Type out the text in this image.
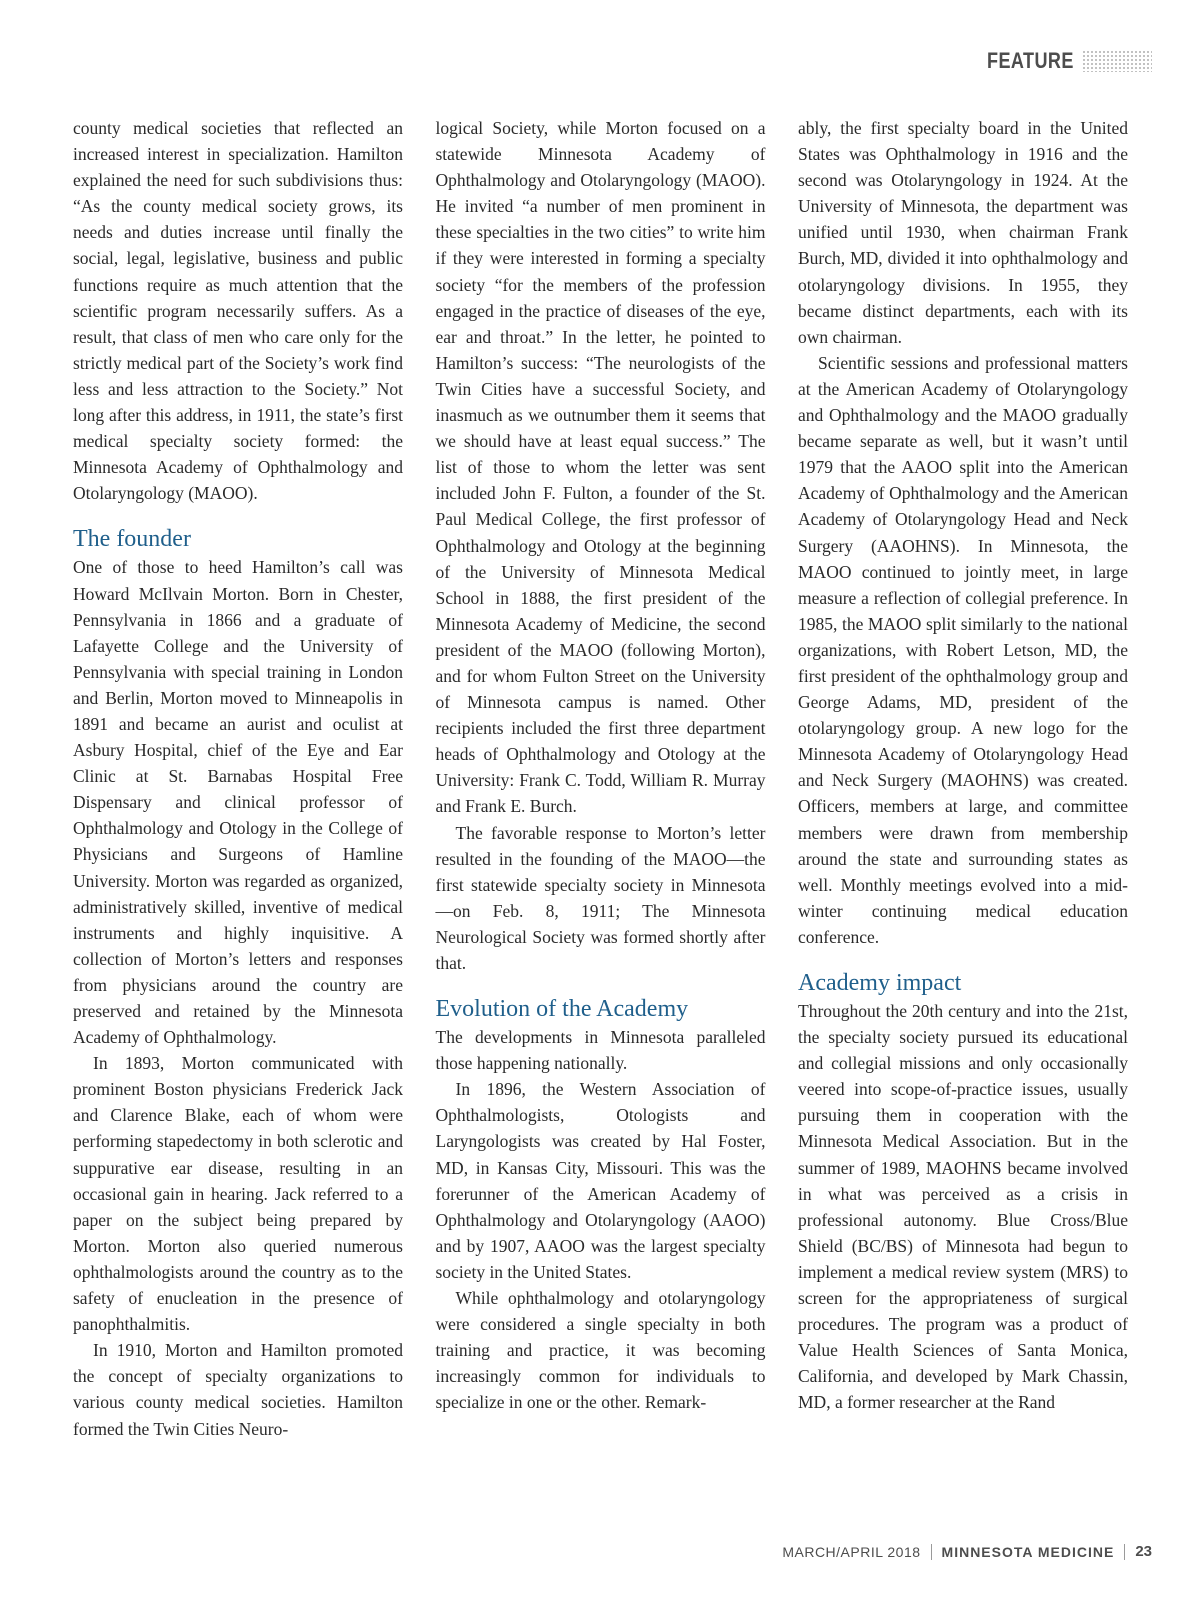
FEATURE

county medical societies that reflected an increased interest in specialization. Hamilton explained the need for such subdivisions thus: “As the county medical society grows, its needs and duties increase until finally the social, legal, legislative, business and public functions require as much attention that the scientific program necessarily suffers. As a result, that class of men who care only for the strictly medical part of the Society’s work find less and less attraction to the Society.” Not long after this address, in 1911, the state’s first medical specialty society formed: the Minnesota Academy of Ophthalmology and Otolaryngology (MAOO).

The founder

One of those to heed Hamilton’s call was Howard McIlvain Morton. Born in Chester, Pennsylvania in 1866 and a graduate of Lafayette College and the University of Pennsylvania with special training in London and Berlin, Morton moved to Minneapolis in 1891 and became an aurist and oculist at Asbury Hospital, chief of the Eye and Ear Clinic at St. Barnabas Hospital Free Dispensary and clinical professor of Ophthalmology and Otology in the College of Physicians and Surgeons of Hamline University. Morton was regarded as organized, administratively skilled, inventive of medical instruments and highly inquisitive. A collection of Morton’s letters and responses from physicians around the country are preserved and retained by the Minnesota Academy of Ophthalmology.

In 1893, Morton communicated with prominent Boston physicians Frederick Jack and Clarence Blake, each of whom were performing stapedectomy in both sclerotic and suppurative ear disease, resulting in an occasional gain in hearing. Jack referred to a paper on the subject being prepared by Morton. Morton also queried numerous ophthalmologists around the country as to the safety of enucleation in the presence of panophthalmitis.

In 1910, Morton and Hamilton promoted the concept of specialty organizations to various county medical societies. Hamilton formed the Twin Cities Neuro-

logical Society, while Morton focused on a statewide Minnesota Academy of Ophthalmology and Otolaryngology (MAOO). He invited “a number of men prominent in these specialties in the two cities” to write him if they were interested in forming a specialty society “for the members of the profession engaged in the practice of diseases of the eye, ear and throat.” In the letter, he pointed to Hamilton’s success: “The neurologists of the Twin Cities have a successful Society, and inasmuch as we outnumber them it seems that we should have at least equal success.” The list of those to whom the letter was sent included John F. Fulton, a founder of the St. Paul Medical College, the first professor of Ophthalmology and Otology at the beginning of the University of Minnesota Medical School in 1888, the first president of the Minnesota Academy of Medicine, the second president of the MAOO (following Morton), and for whom Fulton Street on the University of Minnesota campus is named. Other recipients included the first three department heads of Ophthalmology and Otology at the University: Frank C. Todd, William R. Murray and Frank E. Burch.

The favorable response to Morton’s letter resulted in the founding of the MAOO—the first statewide specialty society in Minnesota—on Feb. 8, 1911; The Minnesota Neurological Society was formed shortly after that.

Evolution of the Academy

The developments in Minnesota paralleled those happening nationally.

In 1896, the Western Association of Ophthalmologists, Otologists and Laryngologists was created by Hal Foster, MD, in Kansas City, Missouri. This was the forerunner of the American Academy of Ophthalmology and Otolaryngology (AAOO) and by 1907, AAOO was the largest specialty society in the United States.

While ophthalmology and otolaryngology were considered a single specialty in both training and practice, it was becoming increasingly common for individuals to specialize in one or the other. Remark-

ably, the first specialty board in the United States was Ophthalmology in 1916 and the second was Otolaryngology in 1924. At the University of Minnesota, the department was unified until 1930, when chairman Frank Burch, MD, divided it into ophthalmology and otolaryngology divisions. In 1955, they became distinct departments, each with its own chairman.

Scientific sessions and professional matters at the American Academy of Otolaryngology and Ophthalmology and the MAOO gradually became separate as well, but it wasn’t until 1979 that the AAOO split into the American Academy of Ophthalmology and the American Academy of Otolaryngology Head and Neck Surgery (AAOHNS). In Minnesota, the MAOO continued to jointly meet, in large measure a reflection of collegial preference. In 1985, the MAOO split similarly to the national organizations, with Robert Letson, MD, the first president of the ophthalmology group and George Adams, MD, president of the otolaryngology group. A new logo for the Minnesota Academy of Otolaryngology Head and Neck Surgery (MAOHNS) was created. Officers, members at large, and committee members were drawn from membership around the state and surrounding states as well. Monthly meetings evolved into a mid-winter continuing medical education conference.

Academy impact

Throughout the 20th century and into the 21st, the specialty society pursued its educational and collegial missions and only occasionally veered into scope-of-practice issues, usually pursuing them in cooperation with the Minnesota Medical Association. But in the summer of 1989, MAOHNS became involved in what was perceived as a crisis in professional autonomy. Blue Cross/Blue Shield (BC/BS) of Minnesota had begun to implement a medical review system (MRS) to screen for the appropriateness of surgical procedures. The program was a product of Value Health Sciences of Santa Monica, California, and developed by Mark Chassin, MD, a former researcher at the Rand

MARCH/APRIL 2018 MINNESOTA MEDICINE 23
